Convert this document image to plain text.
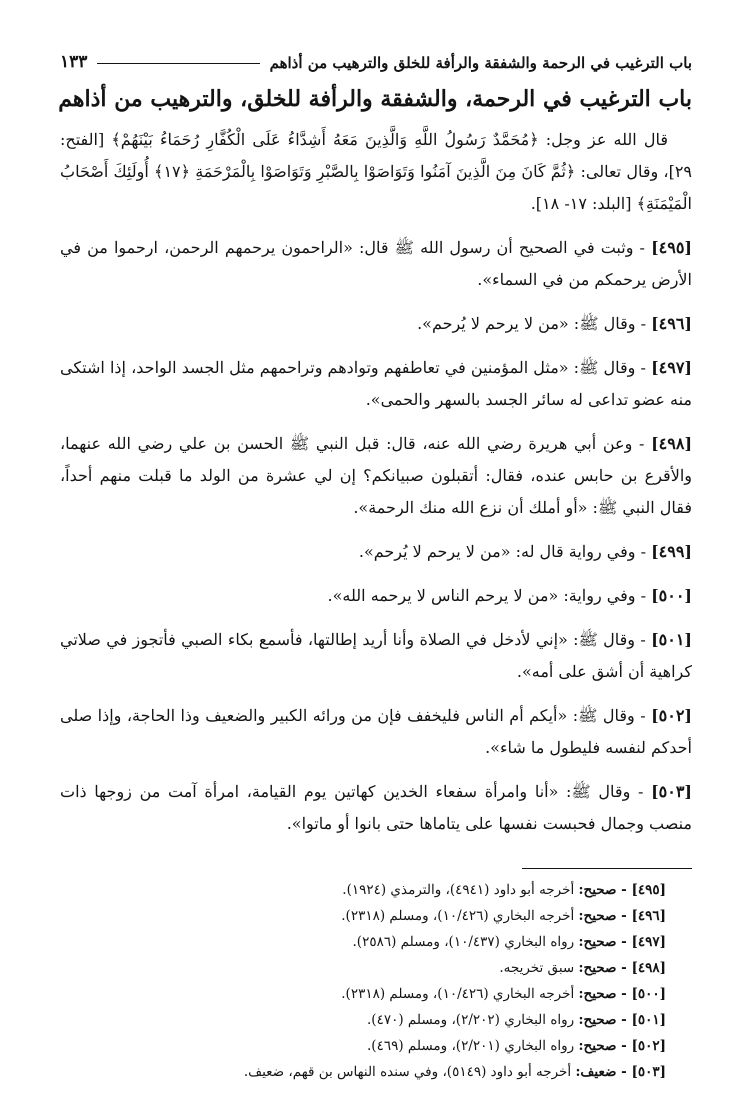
باب الترغيب في الرحمة والشفقة والرأفة للخلق والترهيب من أذاهم
١٣٣
باب الترغيب في الرحمة، والشفقة والرأفة للخلق، والترهيب من أذاهم

قال الله عز وجل: ﴿مُحَمَّدٌ رَسُولُ اللَّهِ وَالَّذِينَ مَعَهُ أَشِدَّاءُ عَلَى الْكُفَّارِ رُحَمَاءُ بَيْنَهُمْ﴾ [الفتح: ٢٩]، وقال تعالى: ﴿ثُمَّ كَانَ مِنَ الَّذِينَ آمَنُوا وَتَوَاصَوْا بِالصَّبْرِ وَتَوَاصَوْا بِالْمَرْحَمَةِ ﴿١٧﴾ أُولَئِكَ أَصْحَابُ الْمَيْمَنَةِ﴾ [البلد: ١٧- ١٨].

[٤٩٥] - وثبت في الصحيح أن رسول الله ﷺ قال: «الراحمون يرحمهم الرحمن، ارحموا من في الأرض يرحمكم من في السماء».

[٤٩٦] - وقال ﷺ: «من لا يرحم لا يُرحم».

[٤٩٧] - وقال ﷺ: «مثل المؤمنين في تعاطفهم وتوادهم وتراحمهم مثل الجسد الواحد، إذا اشتكى منه عضو تداعى له سائر الجسد بالسهر والحمى».

[٤٩٨] - وعن أبي هريرة رضي الله عنه، قال: قبل النبي ﷺ الحسن بن علي رضي الله عنهما، والأقرع بن حابس عنده، فقال: أتقبلون صبيانكم؟ إن لي عشرة من الولد ما قبلت منهم أحداً، فقال النبي ﷺ: «أو أملك أن نزع الله منك الرحمة».

[٤٩٩] - وفي رواية قال له: «من لا يرحم لا يُرحم».

[٥٠٠] - وفي رواية: «من لا يرحم الناس لا يرحمه الله».

[٥٠١] - وقال ﷺ: «إني لأدخل في الصلاة وأنا أريد إطالتها، فأسمع بكاء الصبي فأتجوز في صلاتي كراهية أن أشق على أمه».

[٥٠٢] - وقال ﷺ: «أيكم أم الناس فليخفف فإن من ورائه الكبير والضعيف وذا الحاجة، وإذا صلى أحدكم لنفسه فليطول ما شاء».

[٥٠٣] - وقال ﷺ: «أنا وامرأة سفعاء الخدين كهاتين يوم القيامة، امرأة آمت من زوجها ذات منصب وجمال فحبست نفسها على يتاماها حتى بانوا أو ماتوا».

[٤٩٥] - صحيح: أخرجه أبو داود (٤٩٤١)، والترمذي (١٩٢٤).
[٤٩٦] - صحيح: أخرجه البخاري (١٠/٤٢٦)، ومسلم (٢٣١٨).
[٤٩٧] - صحيح: رواه البخاري (١٠/٤٣٧)، ومسلم (٢٥٨٦).
[٤٩٨] - صحيح: سبق تخريجه.
[٥٠٠] - صحيح: أخرجه البخاري (١٠/٤٢٦)، ومسلم (٢٣١٨).
[٥٠١] - صحيح: رواه البخاري (٢/٢٠٢)، ومسلم (٤٧٠).
[٥٠٢] - صحيح: رواه البخاري (٢/٢٠١)، ومسلم (٤٦٩).
[٥٠٣] - ضعيف: أخرجه أبو داود (٥١٤٩)، وفي سنده النهاس بن قهم، ضعيف.
